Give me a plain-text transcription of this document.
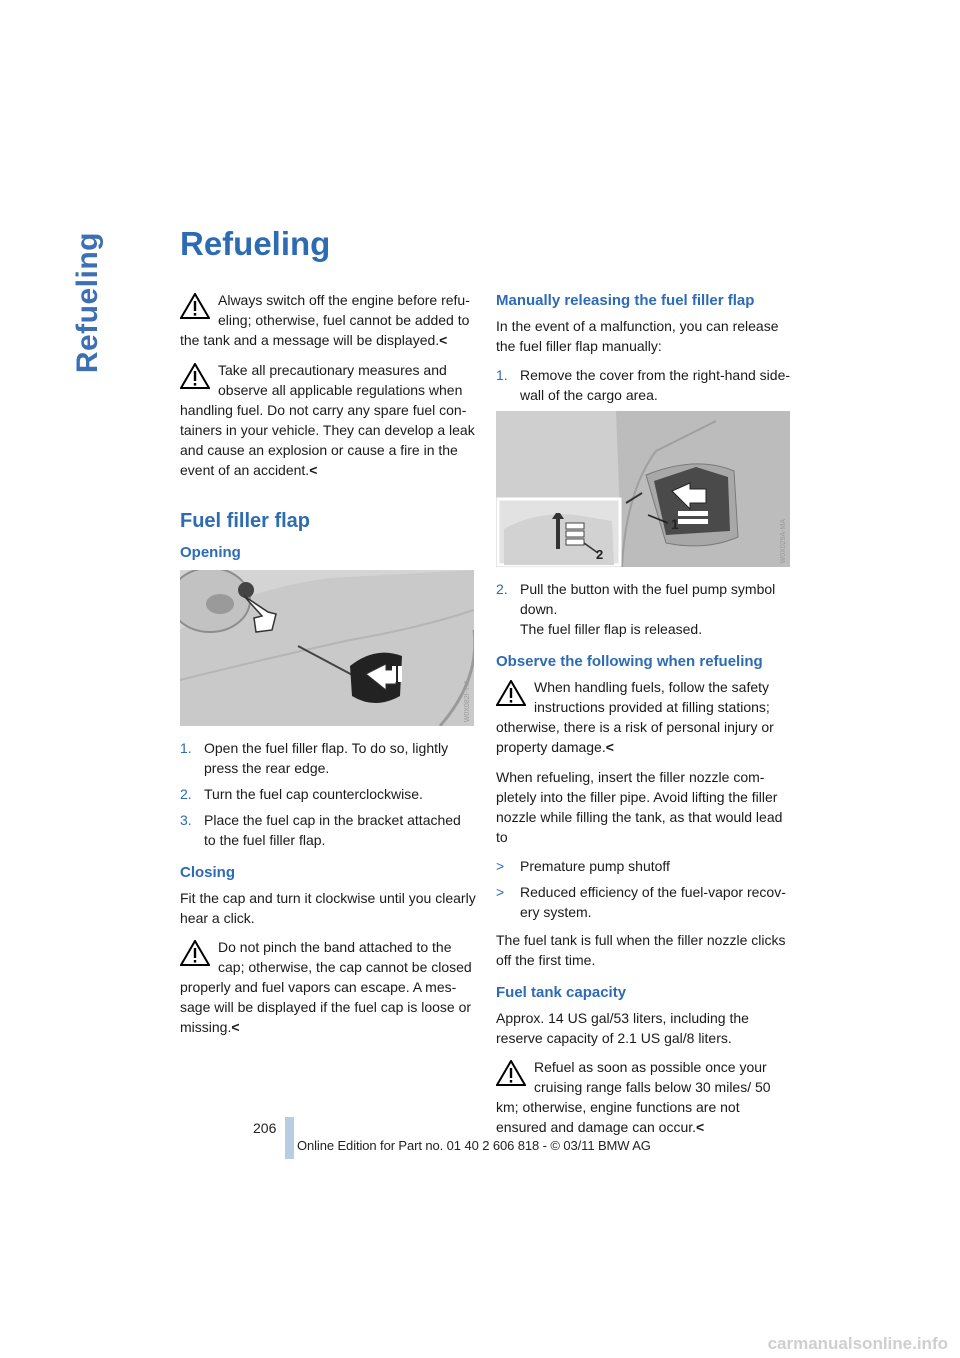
Refueling Refueling
Always switch off the engine before refueling; otherwise, fuel cannot be added to the tank and a message will be displayed.<
Take all precautionary measures and observe all applicable regulations when handling fuel. Do not carry any spare fuel containers in your vehicle. They can develop a leak and cause an explosion or cause a fire in the event of an accident.<
Fuel filler flap
Opening
W0X082I-TM
1. Open the fuel filler flap. To do so, lightly press the rear edge.
2. Turn the fuel cap counterclockwise.
3. Place the fuel cap in the bracket attached to the fuel filler flap.
Closing

Fit the cap and turn it clockwise until you clearly hear a click.

Do not pinch the band attached to the cap; otherwise, the cap cannot be closed properly and fuel vapors can escape. A message will be displayed if the fuel cap is loose or missing.<
Manually releasing the fuel filler flap

In the event of a malfunction, you can release the fuel filler flap manually:

1. Remove the cover from the right-hand sidewall of the cargo area.
1
2	W0X029A-MA
2. Pull the button with the fuel pump symbol down.
The fuel filler flap is released.
Observe the following when refueling
When handling fuels, follow the safety instructions provided at filling stations; otherwise, there is a risk of personal injury or property damage.<

When refueling, insert the filler nozzle completely into the filler pipe. Avoid lifting the filler nozzle while filling the tank, as that would lead to

> Premature pump shutoff
> Reduced efficiency of the fuel-vapor recovery system.

The fuel tank is full when the filler nozzle clicks off the first time.

Fuel tank capacity

Approx. 14 US gal/53 liters, including the reserve capacity of 2.1 US gal/8 liters.

Refuel as soon as possible once your cruising range falls below 30 miles/ 50 km; otherwise, engine functions are not ensured and damage can occur.<
206
Online Edition for Part no. 01 40 2 606 818 - © 03/11 BMW AG
carmanualsonline.info
